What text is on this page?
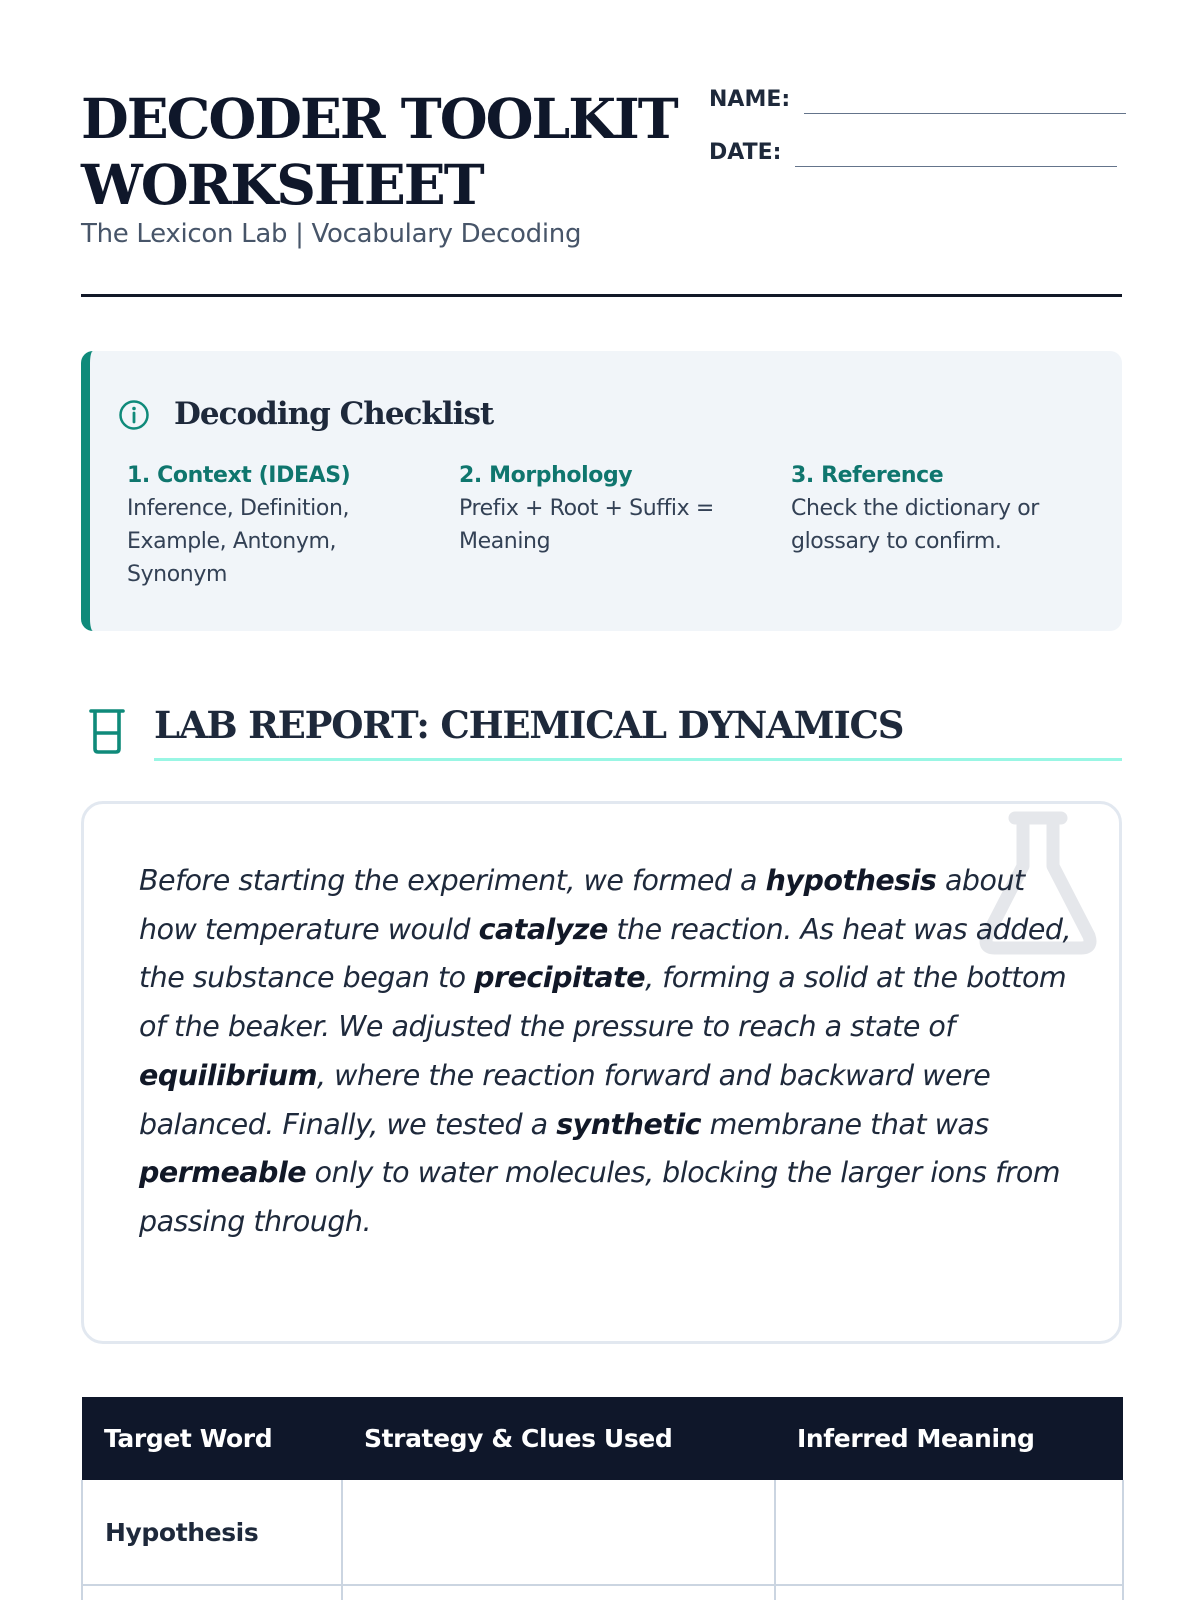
DECODER TOOLKIT
WORKSHEET
The Lexicon Lab | Vocabulary Decoding
NAME:
DATE:
Decoding Checklist
1. Context (IDEAS)
Inference, Definition, Example, Antonym, Synonym
2. Morphology
Prefix + Root + Suffix = Meaning
3. Reference
Check the dictionary or glossary to confirm.
LAB REPORT: CHEMICAL DYNAMICS

Before starting the experiment, we formed a hypothesis about how temperature would catalyze the reaction. As heat was added, the substance began to precipitate, forming a solid at the bottom of the beaker. We adjusted the pressure to reach a state of equilibrium, where the reaction forward and backward were balanced. Finally, we tested a synthetic membrane that was permeable only to water molecules, blocking the larger ions from passing through.

Target Word	Strategy & Clues Used	Inferred Meaning
Hypothesis		
